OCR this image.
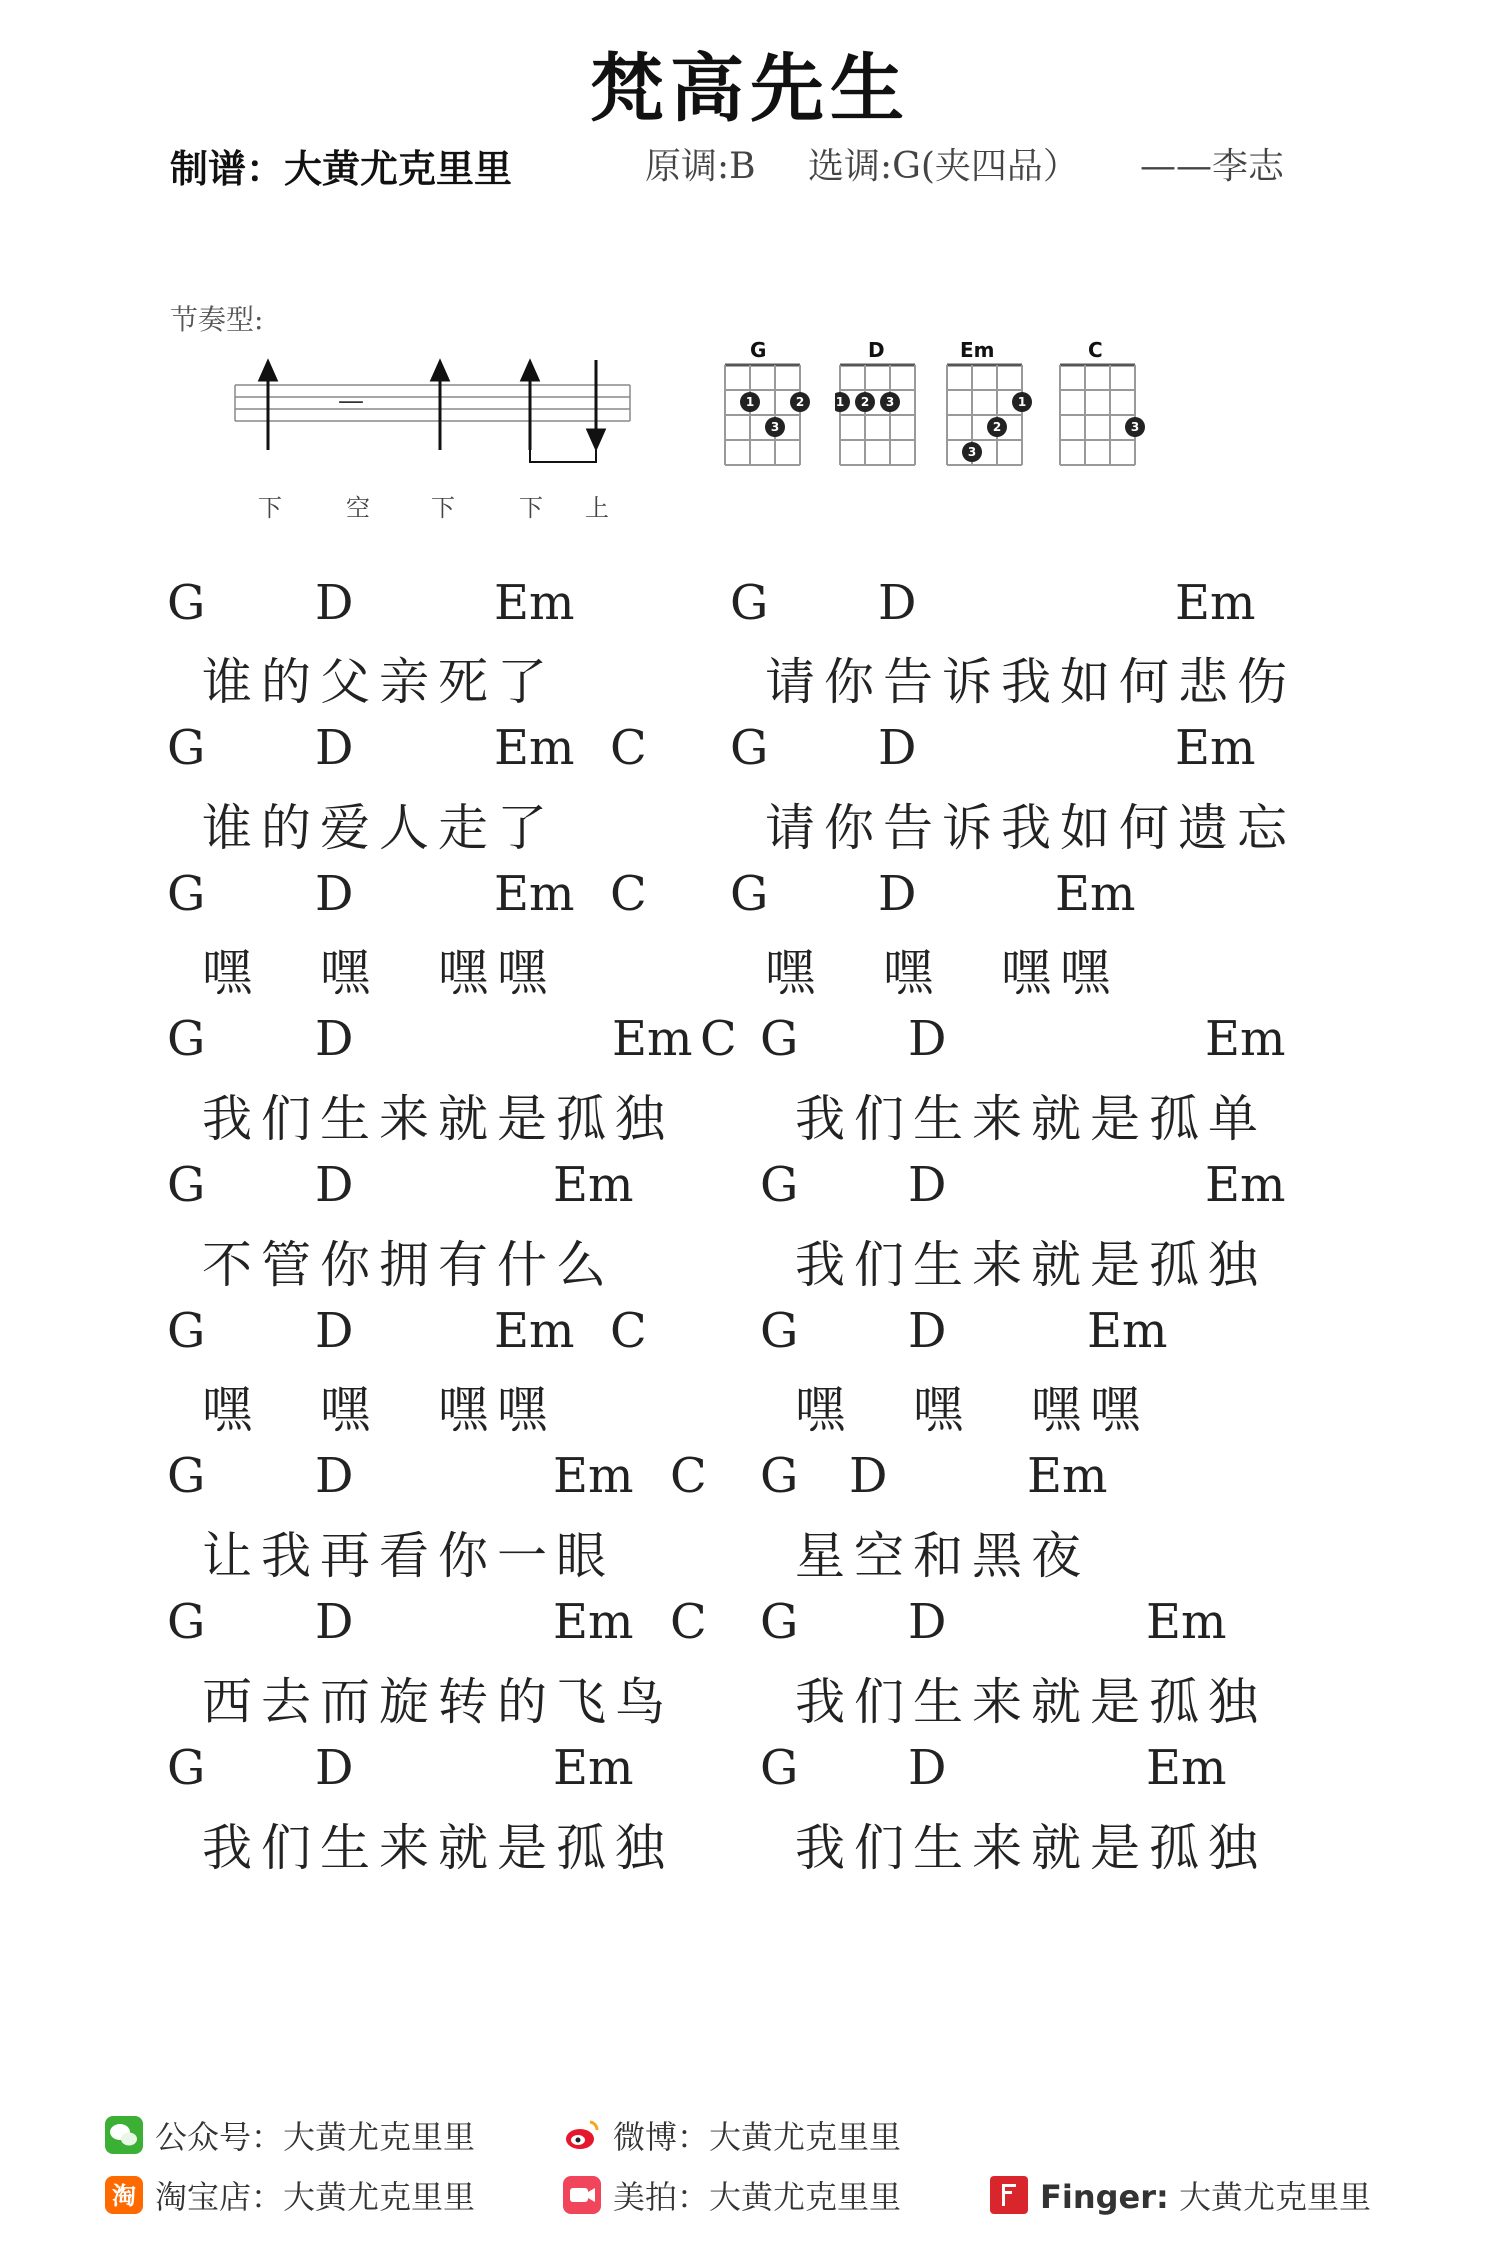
梵高先生
制谱：大黄尤克里里	原调:B 选调:G(夹四品） ——李志
节奏型:
—
下	空	下	下 上
G
1	2
3
D
1 2 3
Em
1
2
3
C
3
G D	Em	G D	Em
谁的父亲死了	请你告诉我如何悲伤
G D	Em C G D	Em
谁的爱人走了	请你告诉我如何遗忘
G D	Em C G D	Em
嘿 嘿 嘿嘿	嘿 嘿 嘿嘿
G D	Em C G D	Em
我们生来就是孤独 我们生来就是孤单
G D	Em	G D	Em
不管你拥有什么	我们生来就是孤独
G D	Em C G D	Em
嘿 嘿 嘿嘿	嘿 嘿 嘿嘿
G D	Em C G D	Em
让我再看你一眼	星空和黑夜
G D	Em C G D	Em
西去而旋转的飞鸟 我们生来就是孤独
G D	Em	G D	Em
我们生来就是孤独 我们生来就是孤独
公众号：大黄尤克里里	微博：大黄尤克里里
淘 淘宝店：大黄尤克里里	美拍：大黄尤克里里	Finger: 大黄尤克里里
